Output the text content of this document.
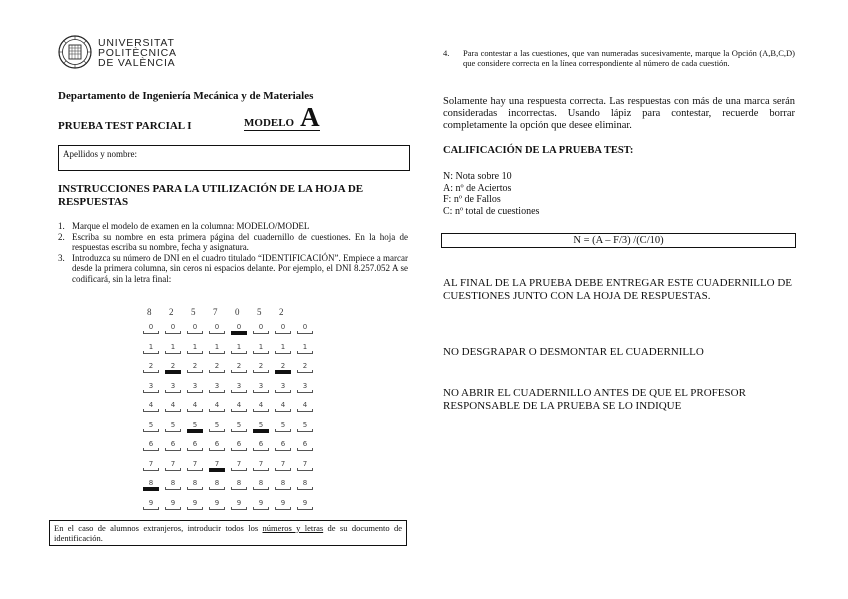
UNIVERSITAT
POLITÈCNICA
DE VALÈNCIA
Departamento de Ingeniería Mecánica y de Materiales
PRUEBA TEST PARCIAL I	MODELO A
Apellidos y nombre:
INSTRUCCIONES PARA LA UTILIZACIÓN DE LA HOJA DE RESPUESTAS
1. Marque el modelo de examen en la columna: MODELO/MODEL
2. Escriba su nombre en esta primera página del cuadernillo de cuestiones. En la hoja de respuestas escriba su nombre, fecha y asignatura.
3. Introduzca su número de DNI en el cuadro titulado “IDENTIFICACIÓN”. Empiece a marcar desde la primera columna, sin ceros ni espacios delante. Por ejemplo, el DNI 8.257.052 A se codificará, sin la letra final:
8 2 5 7 0 5 2
0	0	0	0	0	0	0	0
1	1	1	1	1	1	1	1
2	2	2	2	2	2	2	2
3	3	3	3	3	3	3	3
4	4	4	4	4	4	4	4
5	5	5	5	5	5	5	5
6	6	6	6	6	6	6	6
7	7	7	7	7	7	7	7
8	8	8	8	8	8	8	8
9	9	9	9	9	9	9	9
En el caso de alumnos extranjeros, introducir todos los números y letras de su documento de identificación.
4.	Para contestar a las cuestiones, que van numeradas sucesivamente, marque la Opción (A,B,C,D) que considere correcta en la línea correspondiente al número de cada cuestión.
Solamente hay una respuesta correcta. Las respuestas con más de una marca serán consideradas incorrectas. Usando lápiz para contestar, recuerde borrar completamente la opción que desee eliminar.
CALIFICACIÓN DE LA PRUEBA TEST:
N: Nota sobre 10
A: nº de Aciertos
F: nº de Fallos
C: nº total de cuestiones
N = (A – F/3) /(C/10)
AL FINAL DE LA PRUEBA DEBE ENTREGAR ESTE CUADERNILLO DE CUESTIONES JUNTO CON LA HOJA DE RESPUESTAS.
NO DESGRAPAR O DESMONTAR EL CUADERNILLO
NO ABRIR EL CUADERNILLO ANTES DE QUE EL PROFESOR RESPONSABLE DE LA PRUEBA SE LO INDIQUE
